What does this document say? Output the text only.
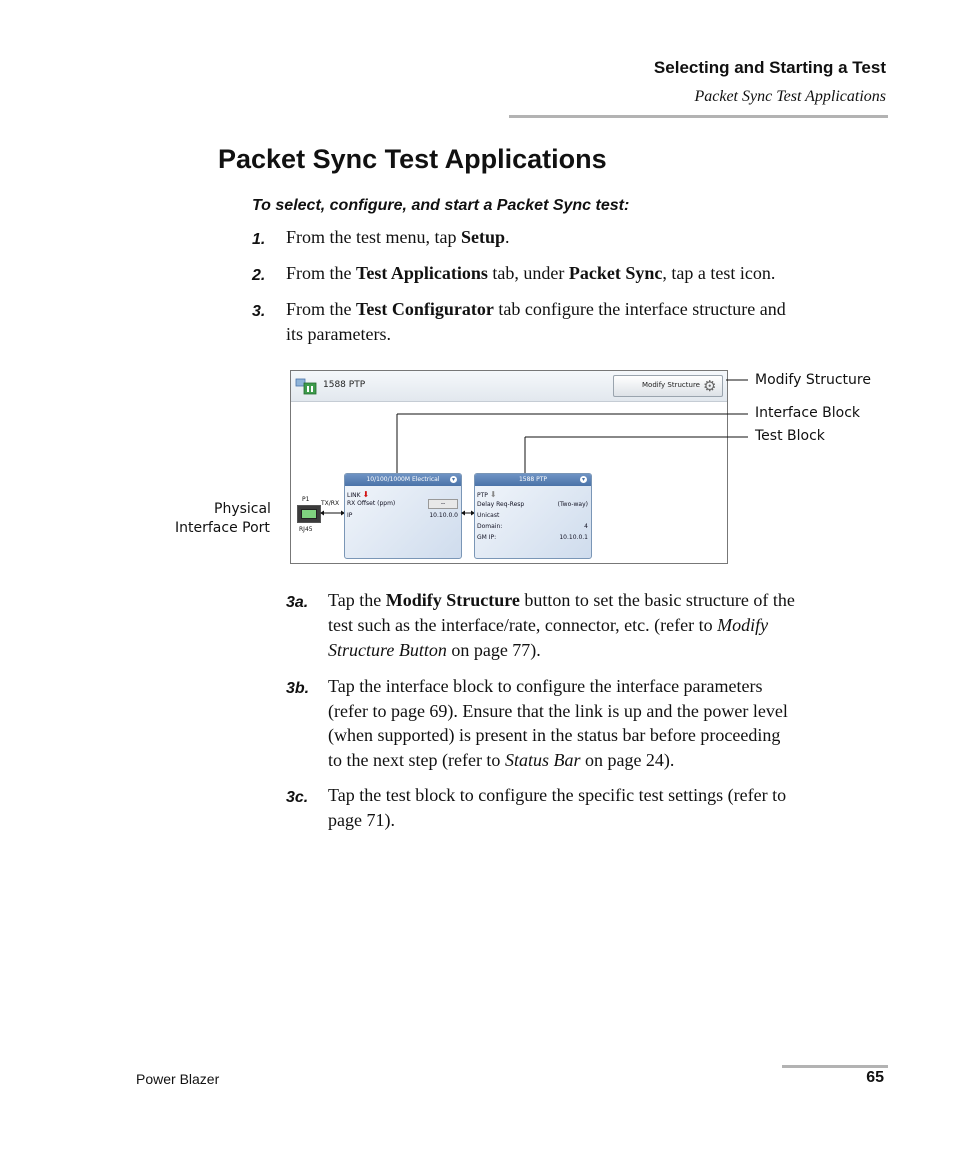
Selecting and Starting a Test
Packet Sync Test Applications
Packet Sync Test Applications
To select, configure, and start a Packet Sync test:
1. From the test menu, tap Setup.
2. From the Test Applications tab, under Packet Sync, tap a test icon.
3. From the Test Configurator tab configure the interface structure and
its parameters.
1588 PTP	Modify Structure ⚙
P1
RJ45
TX/RX
10/100/1000M Electrical	▾
LINK ⬇
RX Offset (ppm)	--
IP	10.10.0.0
1588 PTP	▾
PTP ⬇
Delay Req-Resp	(Two-way)
Unicast
Domain:	4
GM IP:	10.10.0.1
Modify Structure
Interface Block
Test Block
Physical
Interface Port
3a. Tap the Modify Structure button to set the basic structure of the
test such as the interface/rate, connector, etc. (refer to Modify
Structure Button on page 77).
3b. Tap the interface block to configure the interface parameters
(refer to page 69). Ensure that the link is up and the power level
(when supported) is present in the status bar before proceeding
to the next step (refer to Status Bar on page 24).
3c. Tap the test block to configure the specific test settings (refer to
page 71).
Power Blazer	65
